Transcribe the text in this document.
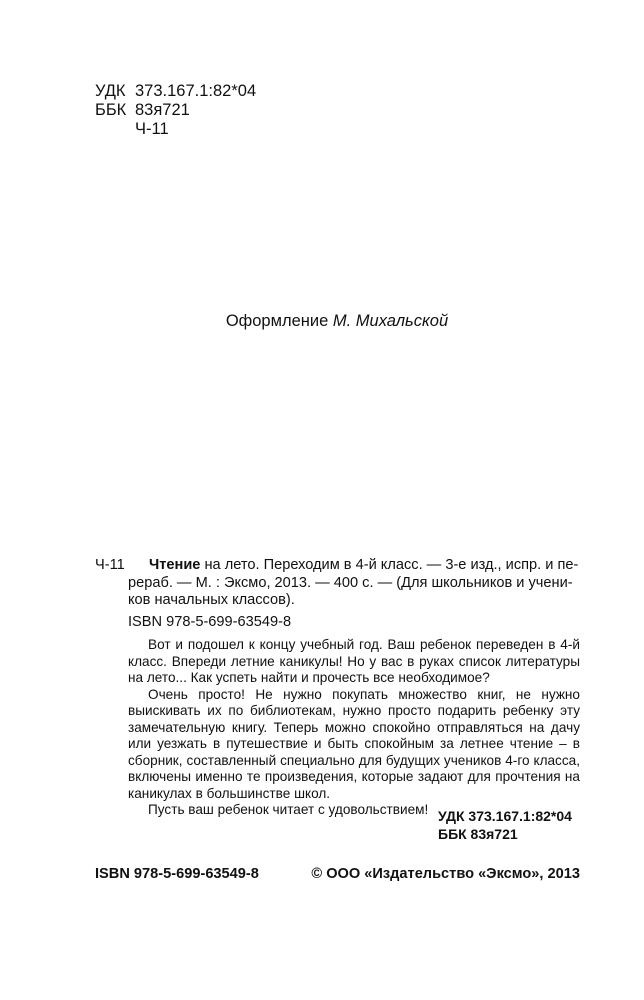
УДК 373.167.1:82*04
ББК 83я721
Ч-11
Оформление М. Михальской
Ч-11 Чтение на лето. Переходим в 4-й класс. — 3-е изд., испр. и пе-
рераб. — М. : Эксмо, 2013. — 400 с. — (Для школьников и учени-
ков начальных классов).
ISBN 978-5-699-63549-8

Вот и подошел к концу учебный год. Ваш ребенок переведен в 4-й класс. Впереди летние каникулы! Но у вас в руках список литературы на лето... Как успеть найти и прочесть все необходимое?

Очень просто! Не нужно покупать множество книг, не нужно выискивать их по библиотекам, нужно просто подарить ребенку эту замечательную книгу. Теперь можно спокойно отправляться на дачу или уезжать в путешествие и быть спокойным за летнее чтение – в сборник, составленный специально для будущих учеников 4-го класса, включены именно те произведения, которые задают для прочтения на каникулах в большинстве школ.

Пусть ваш ребенок читает с удовольствием! УДК 373.167.1:82*04
ББК 83я721
ISBN 978-5-699-63549-8	© ООО «Издательство «Эксмо», 2013
